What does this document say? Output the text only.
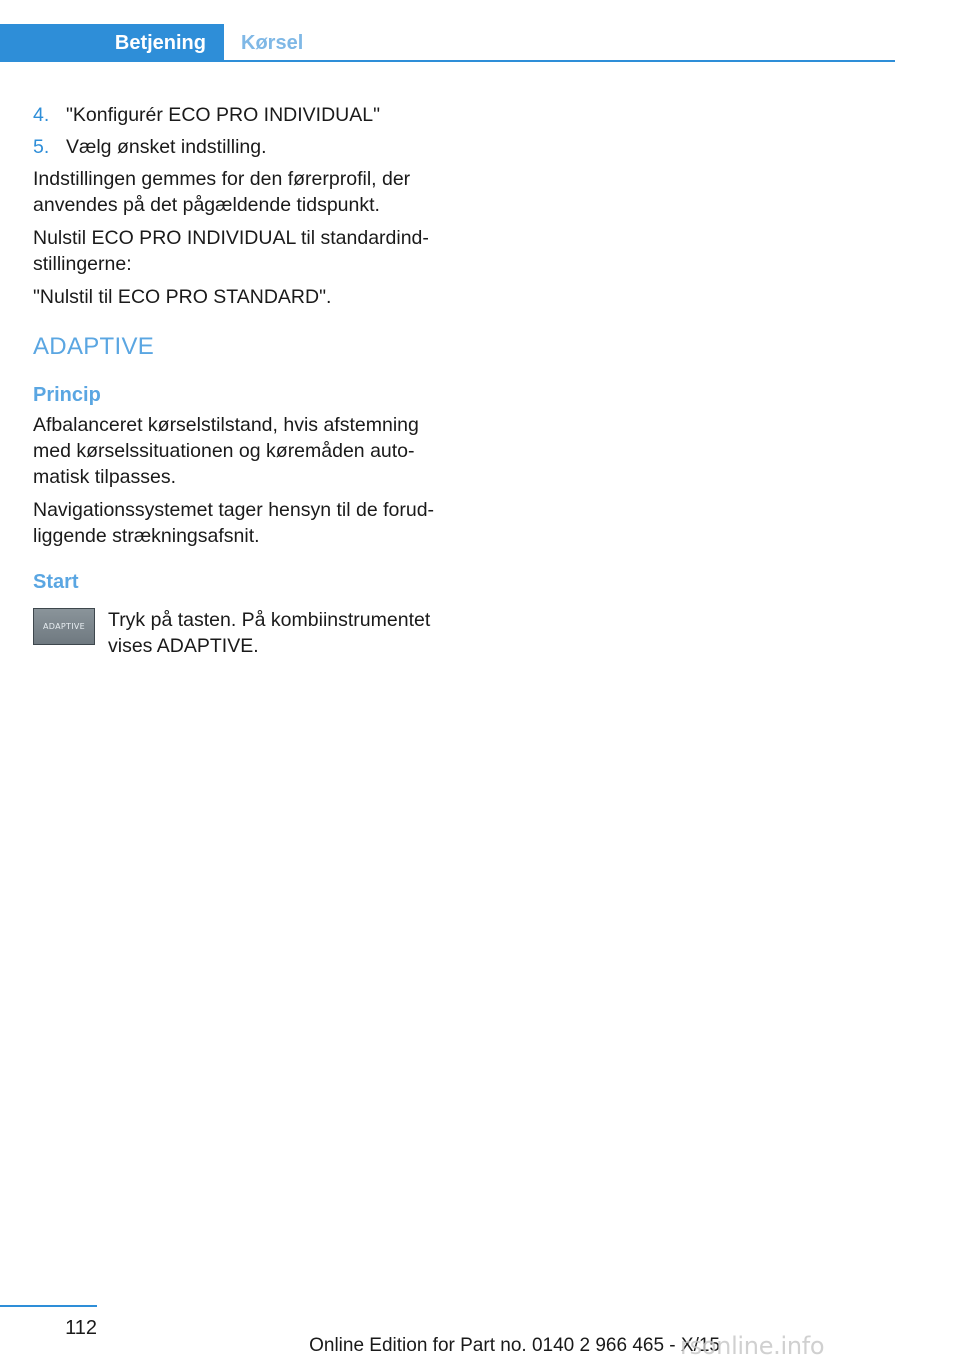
Betjening	Kørsel
4. "Konfigurér ECO PRO INDIVIDUAL"
5. Vælg ønsket indstilling.

Indstillingen gemmes for den førerprofil, der anvendes på det pågældende tidspunkt.

Nulstil ECO PRO INDIVIDUAL til standardindstillingerne:

"Nulstil til ECO PRO STANDARD".

ADAPTIVE
Princip

Afbalanceret kørselstilstand, hvis afstemning med kørselssituationen og køremåden automatisk tilpasses.

Navigationssystemet tager hensyn til de forudliggende strækningsafsnit.

Start
ADAPTIVE Tryk på tasten. På kombiinstrumentet vises ADAPTIVE.
112
Online Edition for Part no. 0140 2 966 465 - X/15
rsonline.info
